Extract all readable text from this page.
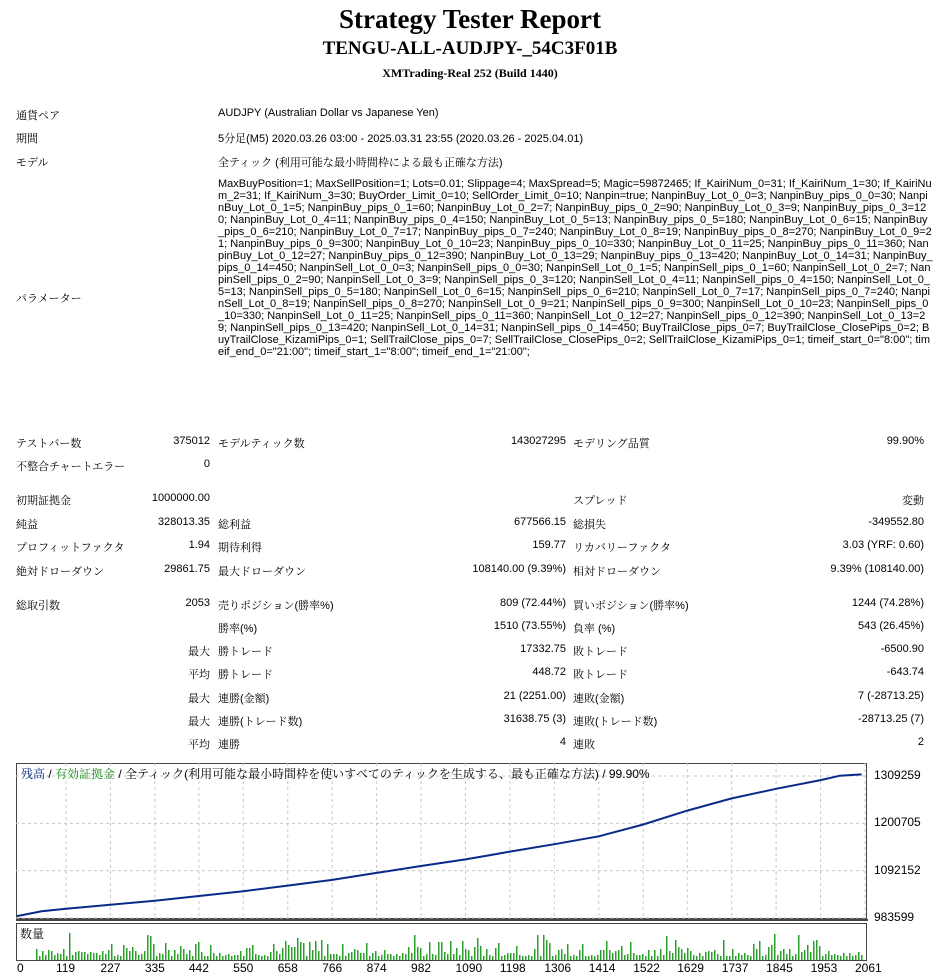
Strategy Tester Report
TENGU-ALL-AUDJPY-_54C3F01B
XMTrading-Real 252 (Build 1440)
通貨ペア	AUDJPY (Australian Dollar vs Japanese Yen)
期間	5分足(M5) 2020.03.26 03:00 - 2025.03.31 23:55 (2020.03.26 - 2025.04.01)
モデル	全ティック (利用可能な最小時間枠による最も正確な方法)
パラメーター
MaxBuyPosition=1; MaxSellPosition=1; Lots=0.01; Slippage=4; MaxSpread=5; Magic=59872465; If_KairiNum_0=31; If_KairiNum_1=30; If_KairiNum_2=31; If_KairiNum_3=30; BuyOrder_Limit_0=10; SellOrder_Limit_0=10; Nanpin=true; NanpinBuy_Lot_0_0=3; NanpinBuy_pips_0_0=30; NanpinBuy_Lot_0_1=5; NanpinBuy_pips_0_1=60; NanpinBuy_Lot_0_2=7; NanpinBuy_pips_0_2=90; NanpinBuy_Lot_0_3=9; NanpinBuy_pips_0_3=120; NanpinBuy_Lot_0_4=11; NanpinBuy_pips_0_4=150; NanpinBuy_Lot_0_5=13; NanpinBuy_pips_0_5=180; NanpinBuy_Lot_0_6=15; NanpinBuy_pips_0_6=210; NanpinBuy_Lot_0_7=17; NanpinBuy_pips_0_7=240; NanpinBuy_Lot_0_8=19; NanpinBuy_pips_0_8=270; NanpinBuy_Lot_0_9=21; NanpinBuy_pips_0_9=300; NanpinBuy_Lot_0_10=23; NanpinBuy_pips_0_10=330; NanpinBuy_Lot_0_11=25; NanpinBuy_pips_0_11=360; NanpinBuy_Lot_0_12=27; NanpinBuy_pips_0_12=390; NanpinBuy_Lot_0_13=29; NanpinBuy_pips_0_13=420; NanpinBuy_Lot_0_14=31; NanpinBuy_pips_0_14=450; NanpinSell_Lot_0_0=3; NanpinSell_pips_0_0=30; NanpinSell_Lot_0_1=5; NanpinSell_pips_0_1=60; NanpinSell_Lot_0_2=7; NanpinSell_pips_0_2=90; NanpinSell_Lot_0_3=9; NanpinSell_pips_0_3=120; NanpinSell_Lot_0_4=11; NanpinSell_pips_0_4=150; NanpinSell_Lot_0_5=13; NanpinSell_pips_0_5=180; NanpinSell_Lot_0_6=15; NanpinSell_pips_0_6=210; NanpinSell_Lot_0_7=17; NanpinSell_pips_0_7=240; NanpinSell_Lot_0_8=19; NanpinSell_pips_0_8=270; NanpinSell_Lot_0_9=21; NanpinSell_pips_0_9=300; NanpinSell_Lot_0_10=23; NanpinSell_pips_0_10=330; NanpinSell_Lot_0_11=25; NanpinSell_pips_0_11=360; NanpinSell_Lot_0_12=27; NanpinSell_pips_0_12=390; NanpinSell_Lot_0_13=29; NanpinSell_pips_0_13=420; NanpinSell_Lot_0_14=31; NanpinSell_pips_0_14=450; BuyTrailClose_pips_0=7; BuyTrailClose_ClosePips_0=2; BuyTrailClose_KizamiPips_0=1; SellTrailClose_pips_0=7; SellTrailClose_ClosePips_0=2; SellTrailClose_KizamiPips_0=1; timeif_start_0="8:00"; timeif_end_0="21:00"; timeif_start_1="8:00"; timeif_end_1="21:00";
テストバー数	375012 モデルティック数	143027295 モデリング品質	99.90%
不整合チャートエラー	0
初期証拠金	1000000.00	スプレッド	変動
純益	328013.35 総利益	677566.15 総損失	-349552.80
プロフィットファクタ	1.94 期待利得	159.77 リカバリーファクタ	3.03 (YRF: 0.60)
絶対ドローダウン	29861.75 最大ドローダウン	108140.00 (9.39%) 相対ドローダウン	9.39% (108140.00)
総取引数	2053 売りポジション(勝率%)	809 (72.44%) 買いポジション(勝率%)	1244 (74.28%)
勝率(%)	1510 (73.55%) 負率 (%)	543 (26.45%)
最大 勝トレード	17332.75 敗トレード	-6500.90
平均 勝トレード	448.72 敗トレード	-643.74
最大 連勝(金額)	21 (2251.00) 連敗(金額)	7 (-28713.25)
最大 連勝(トレード数)	31638.75 (3) 連敗(トレード数)	-28713.25 (7)
平均 連勝	4 連敗	2
残高 / 有効証拠金 / 全ティック(利用可能な最小時間枠を使いすべてのティックを生成する、最も正確な方法) / 99.90%
983599
1092152
1200705
1309259
数量
0	119 227 335 442 550 658 766 874 982 1090 1198 1306 1414 1522 1629 1737 1845 1953 2061
